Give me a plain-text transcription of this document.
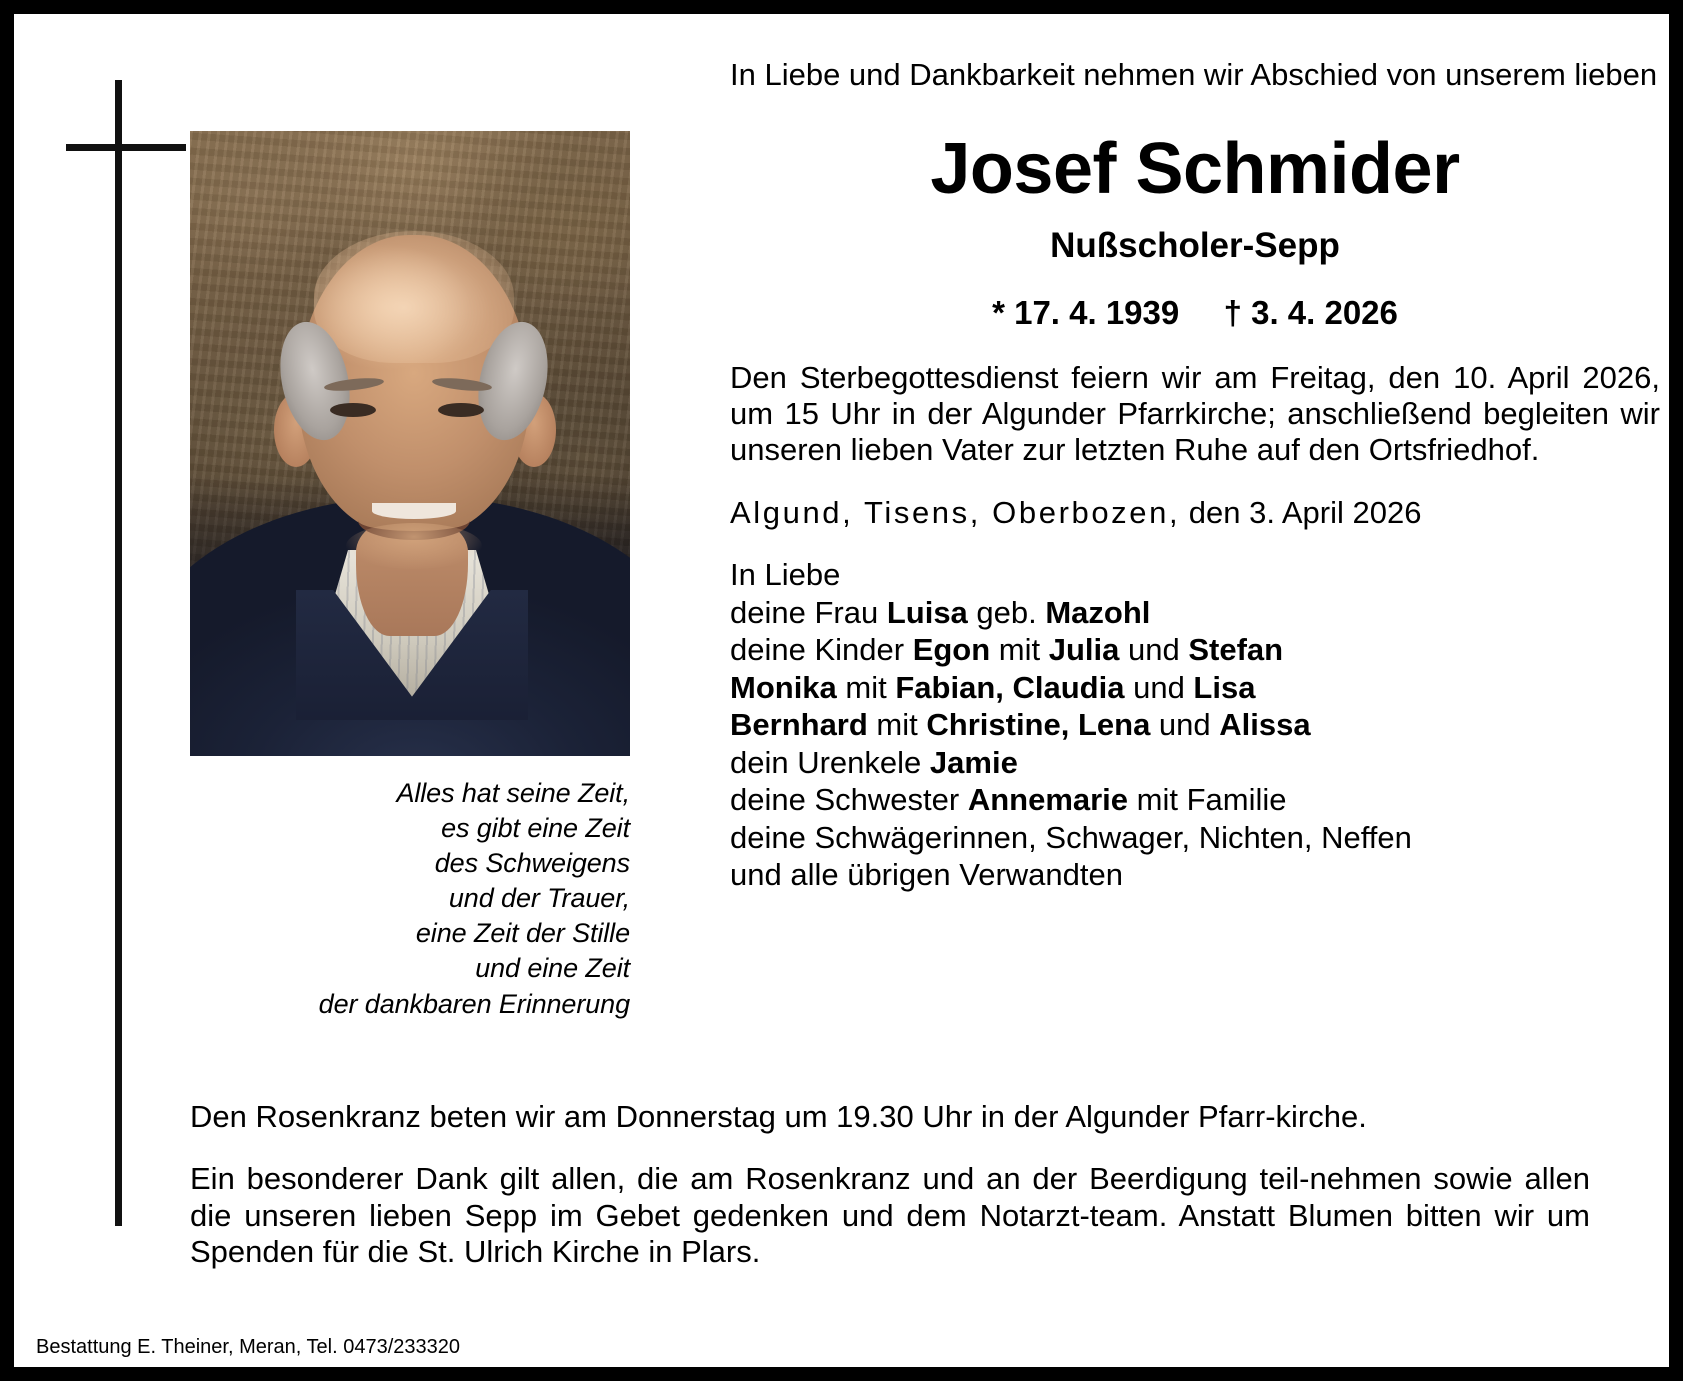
Alles hat seine Zeit,
es gibt eine Zeit
des Schweigens
und der Trauer,
eine Zeit der Stille
und eine Zeit
der dankbaren Erinnerung
In Liebe und Dankbarkeit nehmen wir Abschied von unserem lieben
Josef Schmider
Nußscholer-Sepp
* 17. 4. 1939 † 3. 4. 2026
Den Sterbegottesdienst feiern wir am Freitag, den 10. April 2026, um 15 Uhr in der Algunder Pfarrkirche; anschließend begleiten wir unseren lieben Vater zur letzten Ruhe auf den Ortsfriedhof.
Algund, Tisens, Oberbozen, den 3. April 2026
In Liebe
deine Frau Luisa geb. Mazohl
deine Kinder Egon mit Julia und Stefan
Monika mit Fabian, Claudia und Lisa
Bernhard mit Christine, Lena und Alissa
dein Urenkele Jamie
deine Schwester Annemarie mit Familie
deine Schwägerinnen, Schwager, Nichten, Neffen
und alle übrigen Verwandten

Den Rosenkranz beten wir am Donnerstag um 19.30 Uhr in der Algunder Pfarr-kirche.

Ein besonderer Dank gilt allen, die am Rosenkranz und an der Beerdigung teil-nehmen sowie allen die unseren lieben Sepp im Gebet gedenken und dem Notarzt-team. Anstatt Blumen bitten wir um Spenden für die St. Ulrich Kirche in Plars.

Bestattung E. Theiner, Meran, Tel. 0473/233320
